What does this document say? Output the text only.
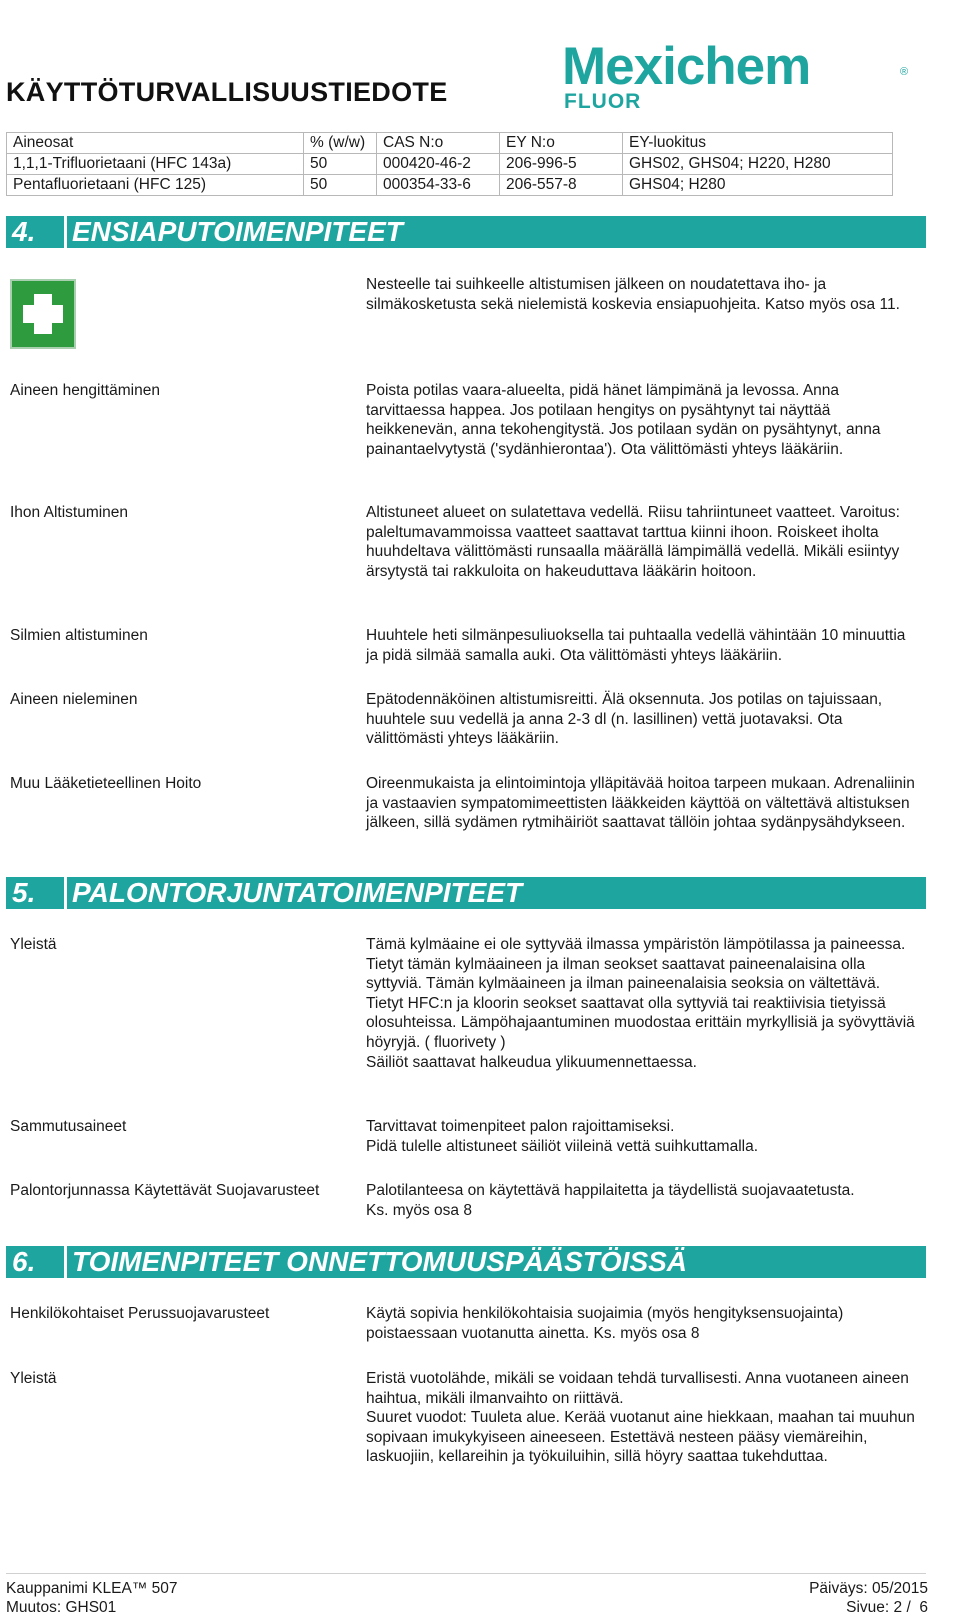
KÄYTTÖTURVALLISUUSTIEDOTE Mexichem	®
FLUOR
Aineosat	% (w/w)	CAS N:o	EY N:o	EY-luokitus
1,1,1-Trifluorietaani (HFC 143a)	50	000420-46-2	206-996-5	GHS02, GHS04; H220, H280
Pentafluorietaani (HFC 125)	50	000354-33-6	206-557-8	GHS04; H280
4.	ENSIAPUTOIMENPITEET
Nesteelle tai suihkeelle altistumisen jälkeen on noudatettava iho- ja silmäkosketusta sekä nielemistä koskevia ensiapuohjeita. Katso myös osa 11.
Aineen hengittäminen	Poista potilas vaara-alueelta, pidä hänet lämpimänä ja levossa. Anna tarvittaessa happea. Jos potilaan hengitys on pysähtynyt tai näyttää heikkenevän, anna tekohengitystä. Jos potilaan sydän on pysähtynyt, anna painantaelvytystä ('sydänhierontaa'). Ota välittömästi yhteys lääkäriin.
Ihon Altistuminen	Altistuneet alueet on sulatettava vedellä. Riisu tahriintuneet vaatteet. Varoitus: paleltumavammoissa vaatteet saattavat tarttua kiinni ihoon. Roiskeet iholta huuhdeltava välittömästi runsaalla määrällä lämpimällä vedellä. Mikäli esiintyy ärsytystä tai rakkuloita on hakeuduttava lääkärin hoitoon.
Silmien altistuminen	Huuhtele heti silmänpesuliuoksella tai puhtaalla vedellä vähintään 10 minuuttia ja pidä silmää samalla auki. Ota välittömästi yhteys lääkäriin.
Aineen nieleminen	Epätodennäköinen altistumisreitti. Älä oksennuta. Jos potilas on tajuissaan, huuhtele suu vedellä ja anna 2-3 dl (n. lasillinen) vettä juotavaksi. Ota välittömästi yhteys lääkäriin.
Muu Lääketieteellinen Hoito	Oireenmukaista ja elintoimintoja ylläpitävää hoitoa tarpeen mukaan. Adrenaliinin ja vastaavien sympatomimeettisten lääkkeiden käyttöä on vältettävä altistuksen jälkeen, sillä sydämen rytmihäiriöt saattavat tällöin johtaa sydänpysähdykseen.
5.	PALONTORJUNTATOIMENPITEET
Yleistä	Tämä kylmäaine ei ole syttyvää ilmassa ympäristön lämpötilassa ja paineessa. Tietyt tämän kylmäaineen ja ilman seokset saattavat paineenalaisina olla syttyviä. Tämän kylmäaineen ja ilman paineenalaisia seoksia on vältettävä.
Tietyt HFC:n ja kloorin seokset saattavat olla syttyviä tai reaktiivisia tietyissä olosuhteissa. Lämpöhajaantuminen muodostaa erittäin myrkyllisiä ja syövyttäviä höyryjä. ( fluorivety )
Säiliöt saattavat halkeudua ylikuumennettaessa.
Sammutusaineet	Tarvittavat toimenpiteet palon rajoittamiseksi.
Pidä tulelle altistuneet säiliöt viileinä vettä suihkuttamalla.
Palontorjunnassa Käytettävät Suojavarusteet	Palotilanteesa on käytettävä happilaitetta ja täydellistä suojavaatetusta.
Ks. myös osa 8
6.	TOIMENPITEET ONNETTOMUUSPÄÄSTÖISSÄ
Henkilökohtaiset Perussuojavarusteet	Käytä sopivia henkilökohtaisia suojaimia (myös hengityksensuojainta) poistaessaan vuotanutta ainetta. Ks. myös osa 8
Yleistä	Eristä vuotolähde, mikäli se voidaan tehdä turvallisesti. Anna vuotaneen aineen haihtua, mikäli ilmanvaihto on riittävä.
Suuret vuodot: Tuuleta alue. Kerää vuotanut aine hiekkaan, maahan tai muuhun sopivaan imukykyiseen aineeseen. Estettävä nesteen pääsy viemäreihin, laskuojiin, kellareihin ja työkuiluihin, sillä höyry saattaa tukehduttaa.
Kauppanimi KLEA™ 507
Muutos: GHS01
Päiväys: 05/2015
Sivue: 2 /  6
